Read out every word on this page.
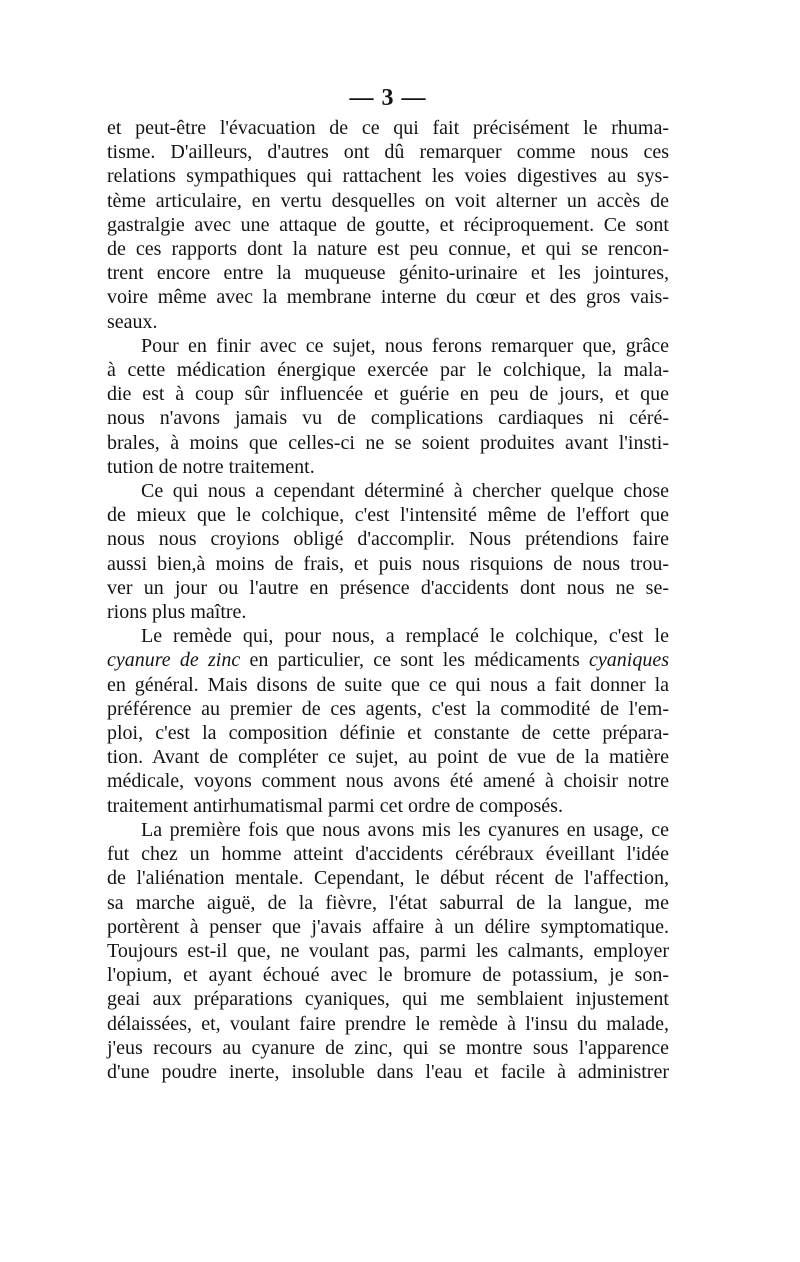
— 3 —

et peut-être l'évacuation de ce qui fait précisément le rhuma-
tisme. D'ailleurs, d'autres ont dû remarquer comme nous ces
relations sympathiques qui rattachent les voies digestives au sys-
tème articulaire, en vertu desquelles on voit alterner un accès de
gastralgie avec une attaque de goutte, et réciproquement. Ce sont
de ces rapports dont la nature est peu connue, et qui se rencon-
trent encore entre la muqueuse génito-urinaire et les jointures,
voire même avec la membrane interne du cœur et des gros vais-
seaux.

Pour en finir avec ce sujet, nous ferons remarquer que, grâce
à cette médication énergique exercée par le colchique, la mala-
die est à coup sûr influencée et guérie en peu de jours, et que
nous n'avons jamais vu de complications cardiaques ni céré-
brales, à moins que celles-ci ne se soient produites avant l'insti-
tution de notre traitement.

Ce qui nous a cependant déterminé à chercher quelque chose
de mieux que le colchique, c'est l'intensité même de l'effort que
nous nous croyions obligé d'accomplir. Nous prétendions faire
aussi bien,à moins de frais, et puis nous risquions de nous trou-
ver un jour ou l'autre en présence d'accidents dont nous ne se-
rions plus maître.

Le remède qui, pour nous, a remplacé le colchique, c'est le
cyanure de zinc en particulier, ce sont les médicaments cyaniques
en général. Mais disons de suite que ce qui nous a fait donner la
préférence au premier de ces agents, c'est la commodité de l'em-
ploi, c'est la composition définie et constante de cette prépara-
tion. Avant de compléter ce sujet, au point de vue de la matière
médicale, voyons comment nous avons été amené à choisir notre
traitement antirhumatismal parmi cet ordre de composés.

La première fois que nous avons mis les cyanures en usage, ce
fut chez un homme atteint d'accidents cérébraux éveillant l'idée
de l'aliénation mentale. Cependant, le début récent de l'affection,
sa marche aiguë, de la fièvre, l'état saburral de la langue, me
portèrent à penser que j'avais affaire à un délire symptomatique.
Toujours est-il que, ne voulant pas, parmi les calmants, employer
l'opium, et ayant échoué avec le bromure de potassium, je son-
geai aux préparations cyaniques, qui me semblaient injustement
délaissées, et, voulant faire prendre le remède à l'insu du malade,
j'eus recours au cyanure de zinc, qui se montre sous l'apparence
d'une poudre inerte, insoluble dans l'eau et facile à administrer
